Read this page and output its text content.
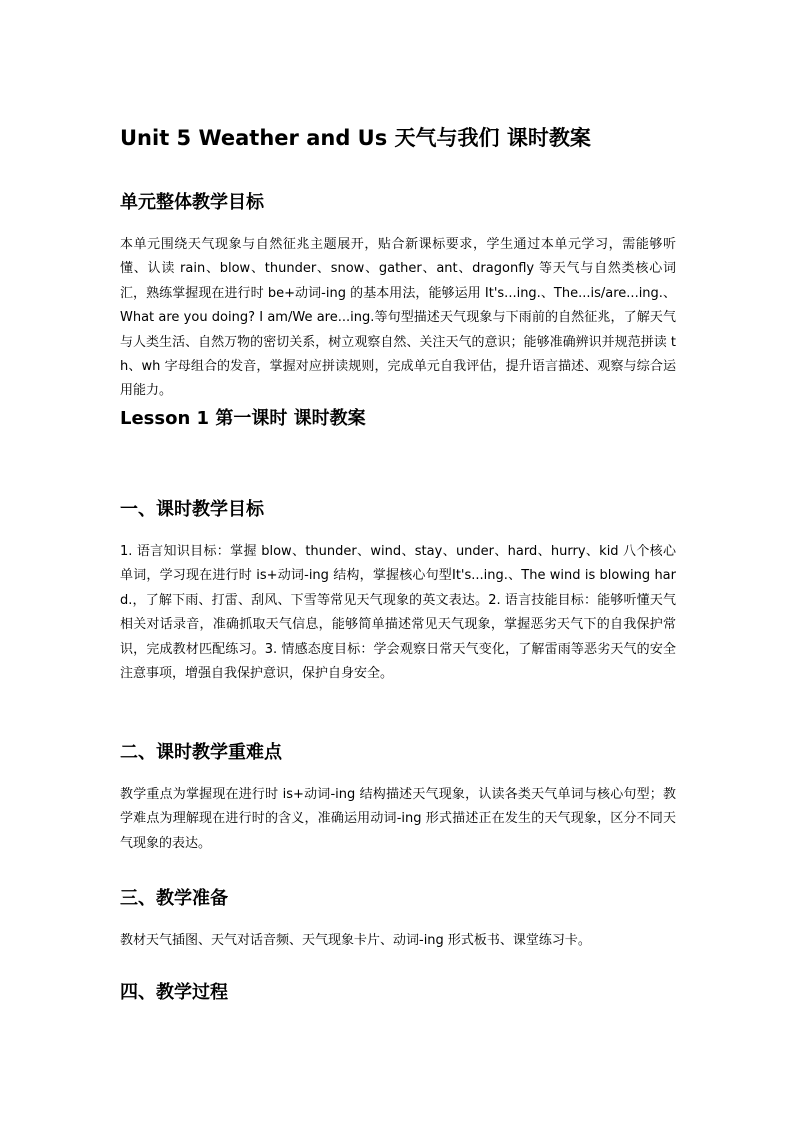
Unit 5 Weather and Us 天气与我们 课时教案
单元整体教学目标
本单元围绕天气现象与自然征兆主题展开，贴合新课标要求，学生通过本单元学习，需能够听懂、认读 rain、blow、thunder、snow、gather、ant、dragonfly 等天气与自然类核心词汇，熟练掌握现在进行时 be+动词-ing 的基本用法，能够运用 It's...ing.、The...is/are...ing.、What are you doing? I am/We are...ing.等句型描述天气现象与下雨前的自然征兆，了解天气与人类生活、自然万物的密切关系，树立观察自然、关注天气的意识；能够准确辨识并规范拼读 th、wh 字母组合的发音，掌握对应拼读规则，完成单元自我评估，提升语言描述、观察与综合运用能力。
Lesson 1 第一课时 课时教案
一、课时教学目标
1. 语言知识目标：掌握 blow、thunder、wind、stay、under、hard、hurry、kid 八个核心单词，学习现在进行时 is+动词-ing 结构，掌握核心句型It's...ing.、The wind is blowing hard.，了解下雨、打雷、刮风、下雪等常见天气现象的英文表达。2. 语言技能目标：能够听懂天气相关对话录音，准确抓取天气信息，能够简单描述常见天气现象，掌握恶劣天气下的自我保护常识，完成教材匹配练习。3. 情感态度目标：学会观察日常天气变化，了解雷雨等恶劣天气的安全注意事项，增强自我保护意识，保护自身安全。
二、课时教学重难点
教学重点为掌握现在进行时 is+动词-ing 结构描述天气现象，认读各类天气单词与核心句型；教学难点为理解现在进行时的含义，准确运用动词-ing 形式描述正在发生的天气现象，区分不同天气现象的表达。
三、教学准备
教材天气插图、天气对话音频、天气现象卡片、动词-ing 形式板书、课堂练习卡。
四、教学过程
